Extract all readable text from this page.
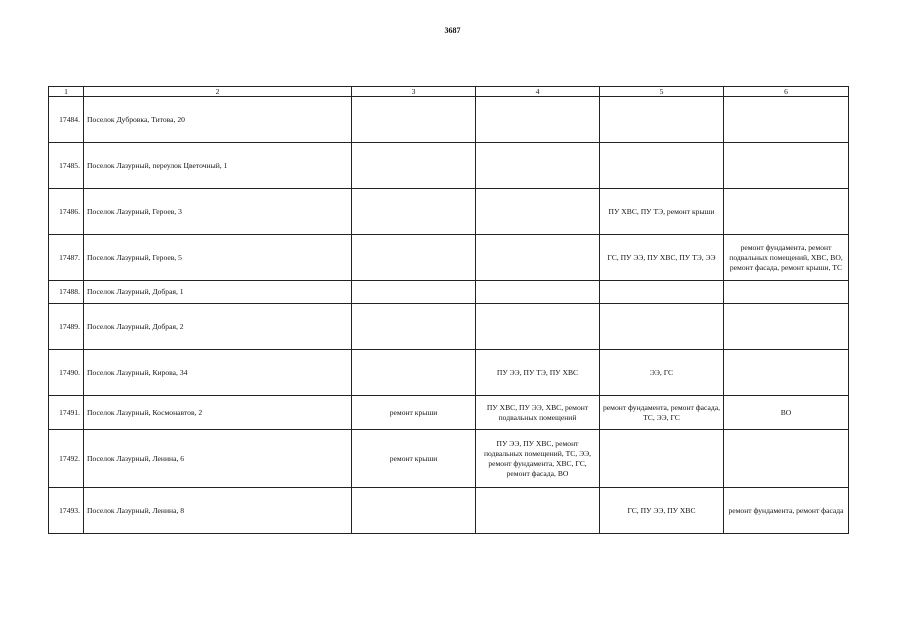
3687
1	2	3	4	5	6
17484.	Поселок Дубровка, Титова, 20				
17485.	Поселок Лазурный, переулок Цветочный, 1				
17486.	Поселок Лазурный, Героев, 3			ПУ ХВС, ПУ ТЭ, ремонт крыши	
17487.	Поселок Лазурный, Героев, 5			ГС, ПУ ЭЭ, ПУ ХВС, ПУ ТЭ, ЭЭ	ремонт фундамента, ремонт подвальных помещений, ХВС, ВО, ремонт фасада, ремонт крыши, ТС
17488.	Поселок Лазурный, Добрая, 1				
17489.	Поселок Лазурный, Добрая, 2				
17490.	Поселок Лазурный, Кирова, 34		ПУ ЭЭ, ПУ ТЭ, ПУ ХВС	ЭЭ, ГС	
17491.	Поселок Лазурный, Космонавтов, 2	ремонт крыши	ПУ ХВС, ПУ ЭЭ, ХВС, ремонт подвальных помещений	ремонт фундамента, ремонт фасада, ТС, ЭЭ, ГС	ВО
17492.	Поселок Лазурный, Ленина, 6	ремонт крыши	ПУ ЭЭ, ПУ ХВС, ремонт подвальных помещений, ТС, ЭЭ, ремонт фундамента, ХВС, ГС, ремонт фасада, ВО		
17493.	Поселок Лазурный, Ленина, 8			ГС, ПУ ЭЭ, ПУ ХВС	ремонт фундамента, ремонт фасада
